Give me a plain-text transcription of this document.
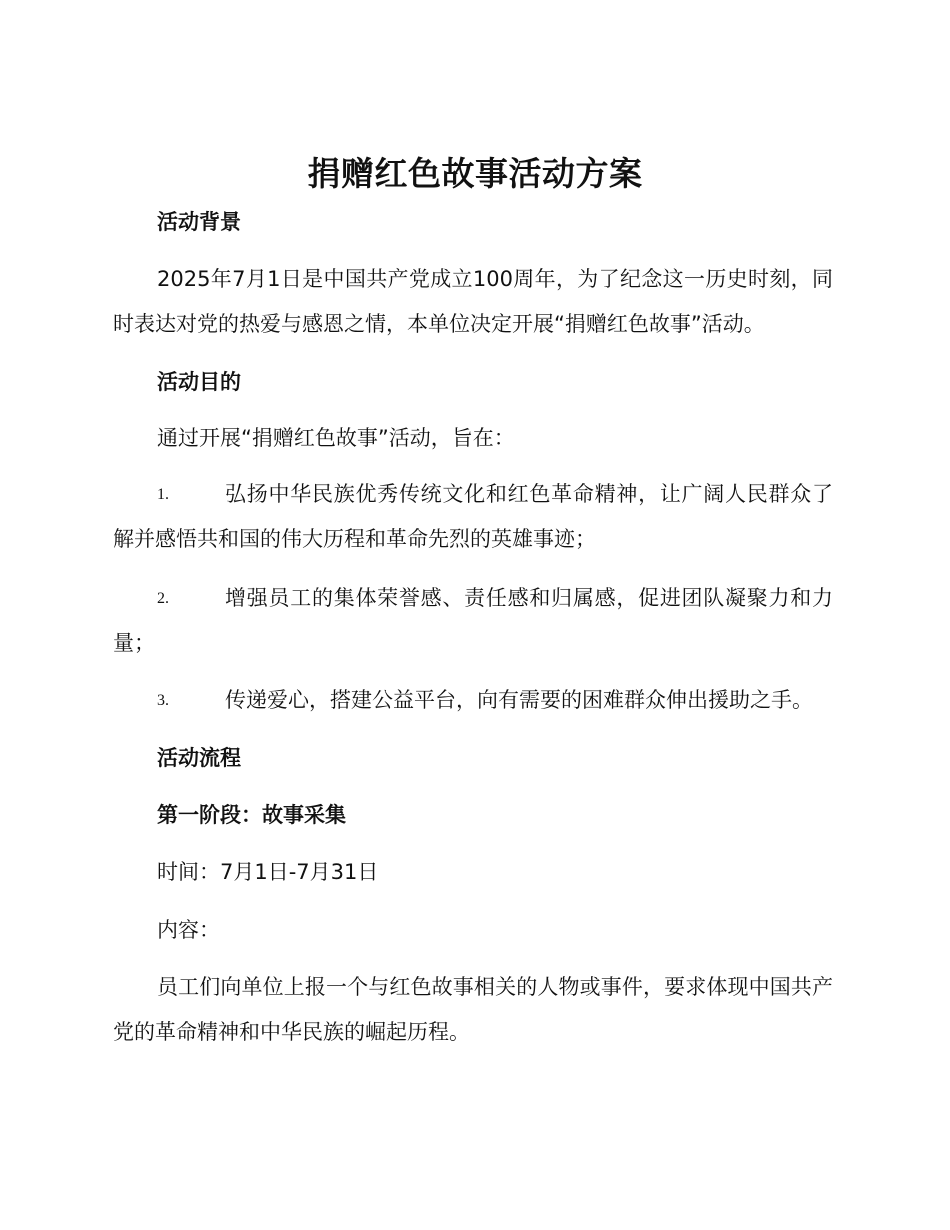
捐赠红色故事活动方案
活动背景
2025年7月1日是中国共产党成立100周年，为了纪念这一历史时刻，同时表达对党的热爱与感恩之情，本单位决定开展“捐赠红色故事”活动。
活动目的
通过开展“捐赠红色故事”活动，旨在：
1.	弘扬中华民族优秀传统文化和红色革命精神，让广阔人民群众了解并感悟共和国的伟大历程和革命先烈的英雄事迹；
2.	增强员工的集体荣誉感、责任感和归属感，促进团队凝聚力和力量；
3.	传递爱心，搭建公益平台，向有需要的困难群众伸出援助之手。
活动流程
第一阶段：故事采集
时间：7月1日-7月31日
内容：
员工们向单位上报一个与红色故事相关的人物或事件，要求体现中国共产党的革命精神和中华民族的崛起历程。
